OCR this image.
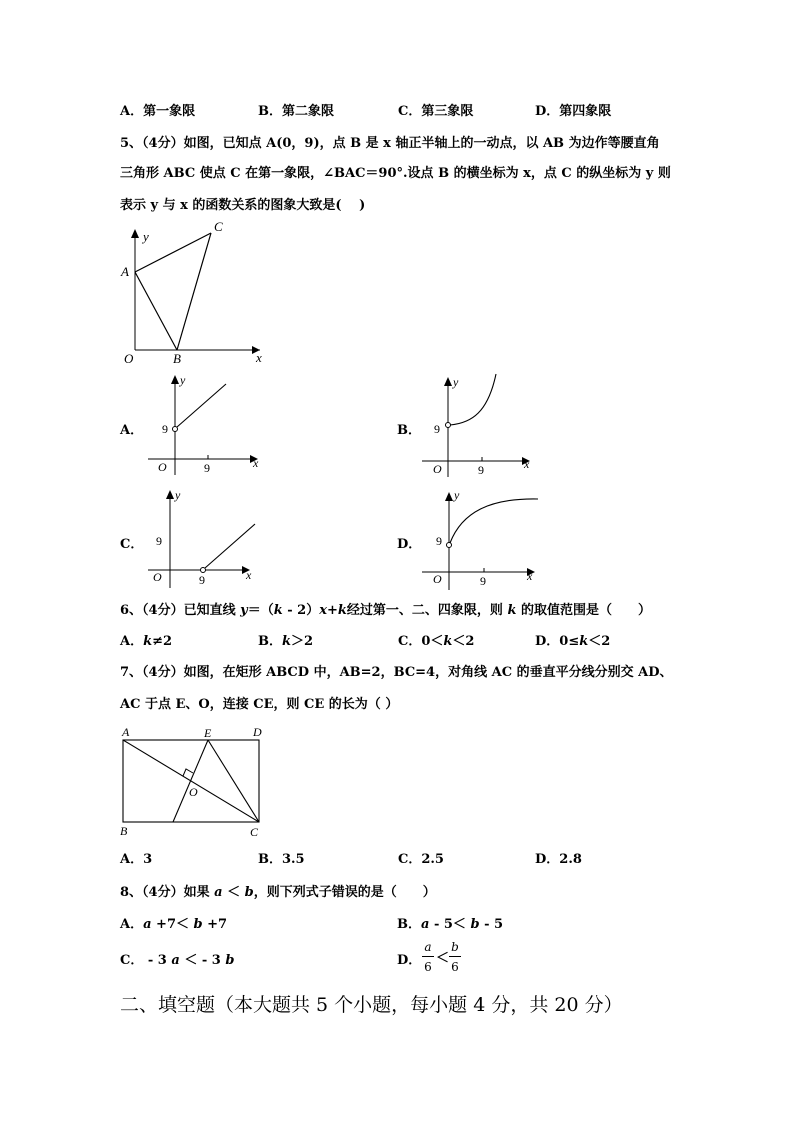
A．第一象限	B．第二象限	C．第三象限	D．第四象限
5、（4分）如图，已知点 A(0，9)，点 B 是 x 轴正半轴上的一动点，以 AB 为边作等腰直角
三角形 ABC 使点 C 在第一象限，∠BAC＝90°.设点 B 的横坐标为 x，点 C 的纵坐标为 y 则
表示 y 与 x 的函数关系的图象大致是(　 )
y
C
A
O	B	x
A．	B．
C．	D．
y
9
O	9	x
y
9
O	9	x
y
9
O	9	x
y
9
O	9	x
6、（4分）已知直线 y＝（k - 2）x+k经过第一、二、四象限，则 k 的取值范围是（　　）
A．k≠2	B．k＞2	C．0＜k＜2	D．0≤k＜2
7、（4分）如图，在矩形 ABCD 中，AB=2，BC=4，对角线 AC 的垂直平分线分别交 AD、
AC 于点 E、O，连接 CE，则 CE 的长为（ ）
A	E	D
O
B	C
A．3	B．3.5	C．2.5	D．2.8
8、（4分）如果 a ＜ b，则下列式子错误的是（　　）
A．a +7＜ b +7	B．a - 5＜ b - 5
C． - 3 a ＜ - 3 b	D．
a
6
＜
b
6
二、填空题（本大题共 5 个小题，每小题 4 分，共 20 分）
